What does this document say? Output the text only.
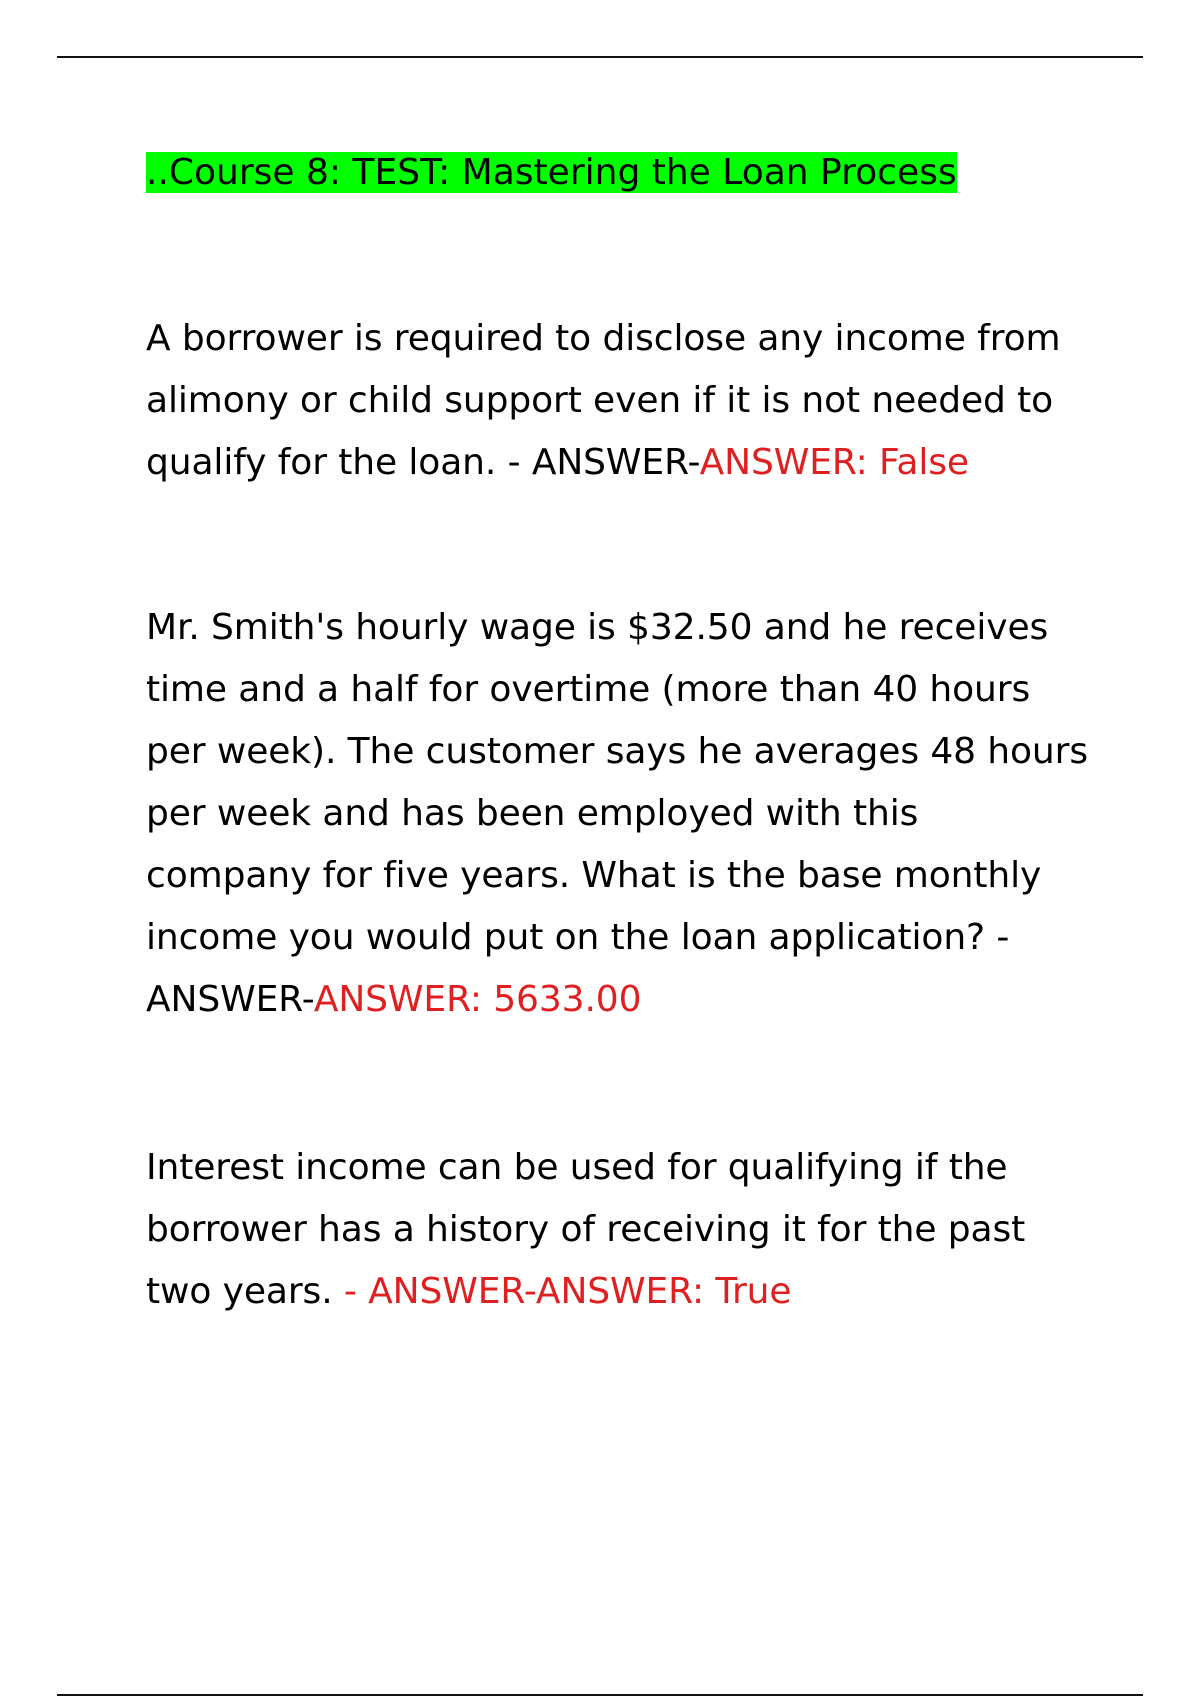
..Course 8: TEST: Mastering the Loan Process
A borrower is required to disclose any income from
alimony or child support even if it is not needed to
qualify for the loan. - ANSWER-ANSWER: False
Mr. Smith's hourly wage is $32.50 and he receives
time and a half for overtime (more than 40 hours
per week). The customer says he averages 48 hours
per week and has been employed with this
company for five years. What is the base monthly
income you would put on the loan application? -
ANSWER-ANSWER: 5633.00
Interest income can be used for qualifying if the
borrower has a history of receiving it for the past
two years. - ANSWER-ANSWER: True
